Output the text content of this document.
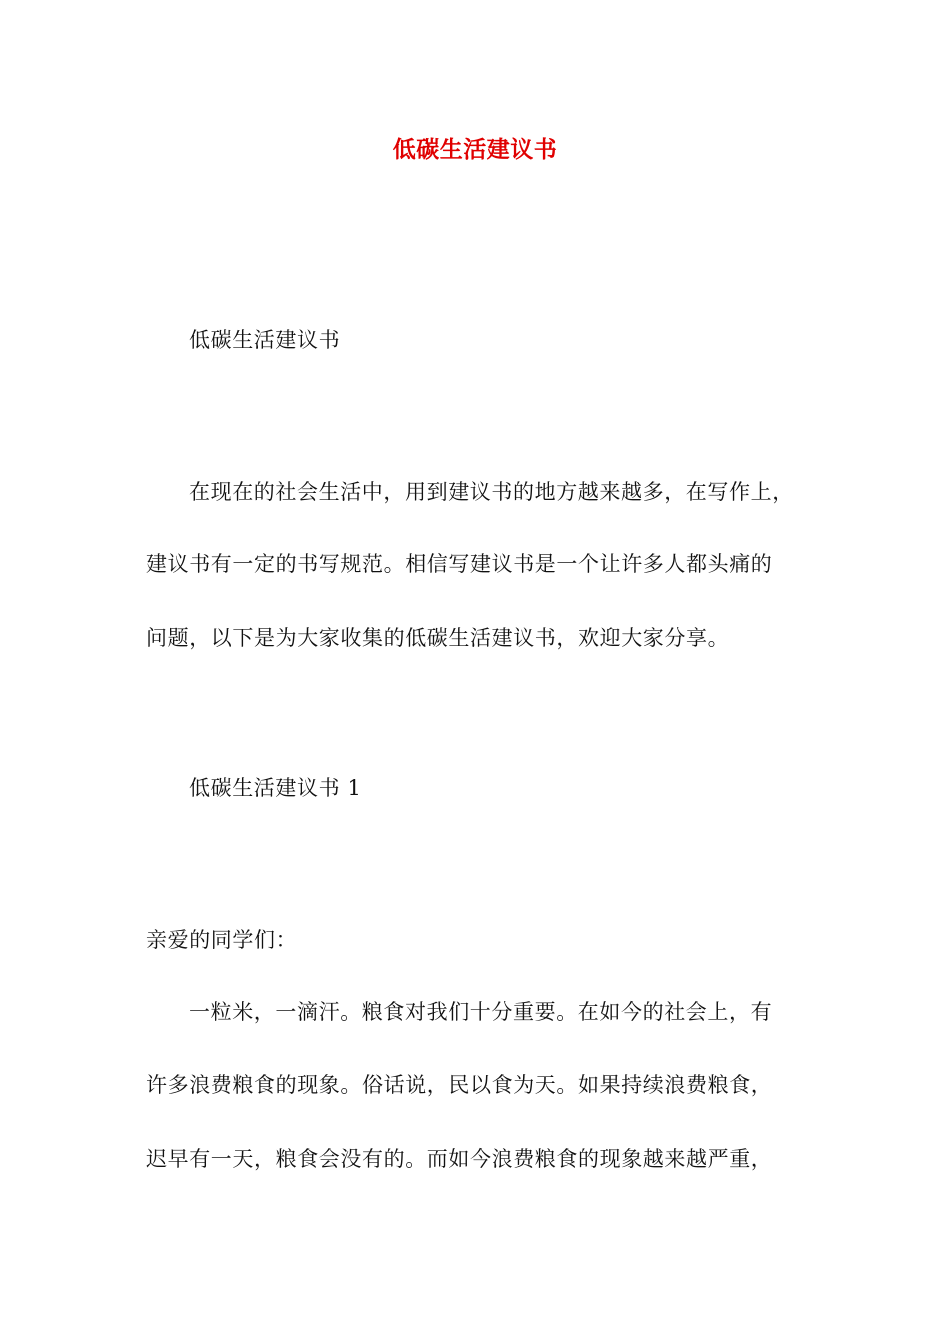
低碳生活建议书
低碳生活建议书
在现在的社会生活中，用到建议书的地方越来越多，在写作上，
建议书有一定的书写规范。相信写建议书是一个让许多人都头痛的
问题，以下是为大家收集的低碳生活建议书，欢迎大家分享。
低碳生活建议书 1
亲爱的同学们：
一粒米，一滴汗。粮食对我们十分重要。在如今的社会上，有
许多浪费粮食的现象。俗话说，民以食为天。如果持续浪费粮食，
迟早有一天，粮食会没有的。而如今浪费粮食的现象越来越严重，
